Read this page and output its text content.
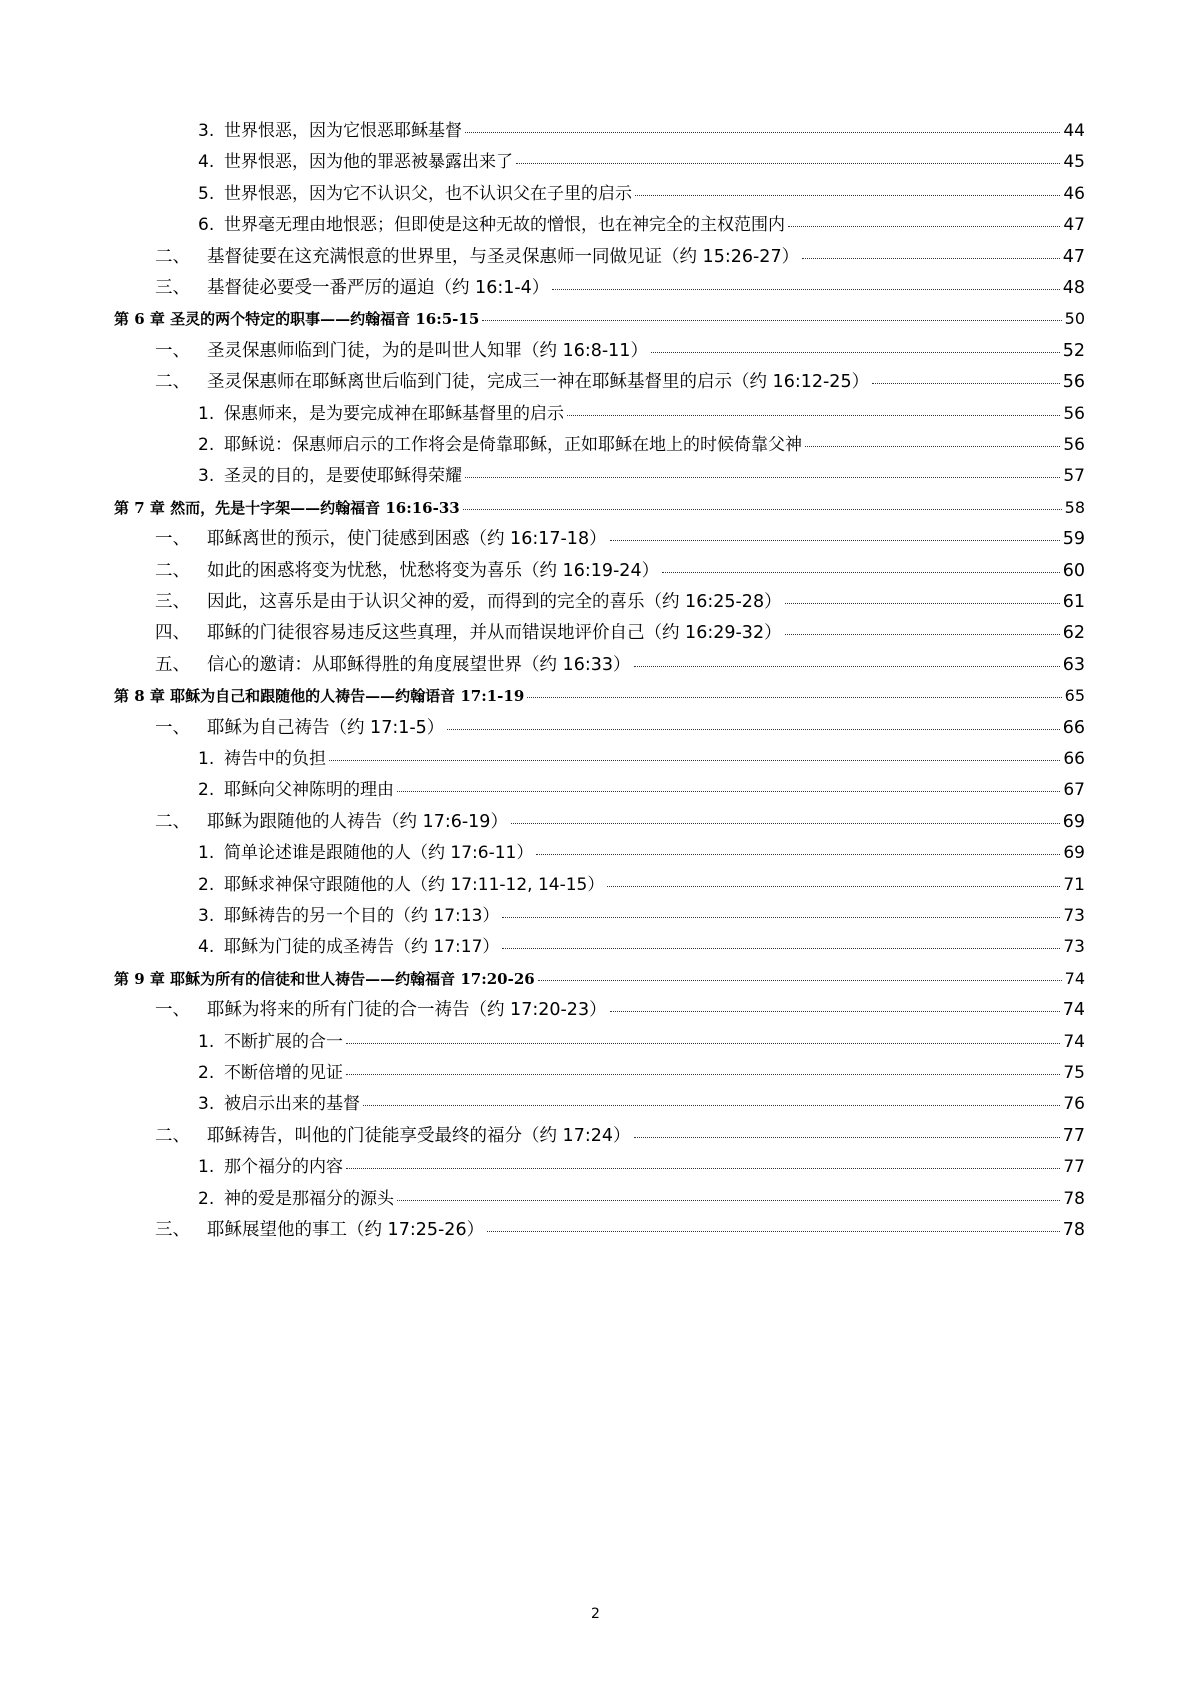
3. 世界恨恶，因为它恨恶耶稣基督	44
4. 世界恨恶，因为他的罪恶被暴露出来了	45
5. 世界恨恶，因为它不认识父，也不认识父在子里的启示	46
6. 世界毫无理由地恨恶；但即使是这种无故的憎恨，也在神完全的主权范围内	47
二、 基督徒要在这充满恨意的世界里，与圣灵保惠师一同做见证（约 15:26-27）	47
三、 基督徒必要受一番严厉的逼迫（约 16:1-4）	48
第 6 章 圣灵的两个特定的职事——约翰福音 16:5-15	50
一、 圣灵保惠师临到门徒，为的是叫世人知罪（约 16:8-11）	52
二、 圣灵保惠师在耶稣离世后临到门徒，完成三一神在耶稣基督里的启示（约 16:12-25）	56
1. 保惠师来，是为要完成神在耶稣基督里的启示	56
2. 耶稣说：保惠师启示的工作将会是倚靠耶稣，正如耶稣在地上的时候倚靠父神	56
3. 圣灵的目的，是要使耶稣得荣耀	57
第 7 章 然而，先是十字架——约翰福音 16:16-33	58
一、 耶稣离世的预示，使门徒感到困惑（约 16:17-18）	59
二、 如此的困惑将变为忧愁，忧愁将变为喜乐（约 16:19-24）	60
三、 因此，这喜乐是由于认识父神的爱，而得到的完全的喜乐（约 16:25-28）	61
四、 耶稣的门徒很容易违反这些真理，并从而错误地评价自己（约 16:29-32）	62
五、 信心的邀请：从耶稣得胜的角度展望世界（约 16:33）	63
第 8 章 耶稣为自己和跟随他的人祷告——约翰语音 17:1-19	65
一、 耶稣为自己祷告（约 17:1-5）	66
1. 祷告中的负担	66
2. 耶稣向父神陈明的理由	67
二、 耶稣为跟随他的人祷告（约 17:6-19）	69
1. 简单论述谁是跟随他的人（约 17:6-11）	69
2. 耶稣求神保守跟随他的人（约 17:11-12, 14-15）	71
3. 耶稣祷告的另一个目的（约 17:13）	73
4. 耶稣为门徒的成圣祷告（约 17:17）	73
第 9 章 耶稣为所有的信徒和世人祷告——约翰福音 17:20-26	74
一、 耶稣为将来的所有门徒的合一祷告（约 17:20-23）	74
1. 不断扩展的合一	74
2. 不断倍增的见证	75
3. 被启示出来的基督	76
二、 耶稣祷告，叫他的门徒能享受最终的福分（约 17:24）	77
1. 那个福分的内容	77
2. 神的爱是那福分的源头	78
三、 耶稣展望他的事工（约 17:25-26）	78
2
